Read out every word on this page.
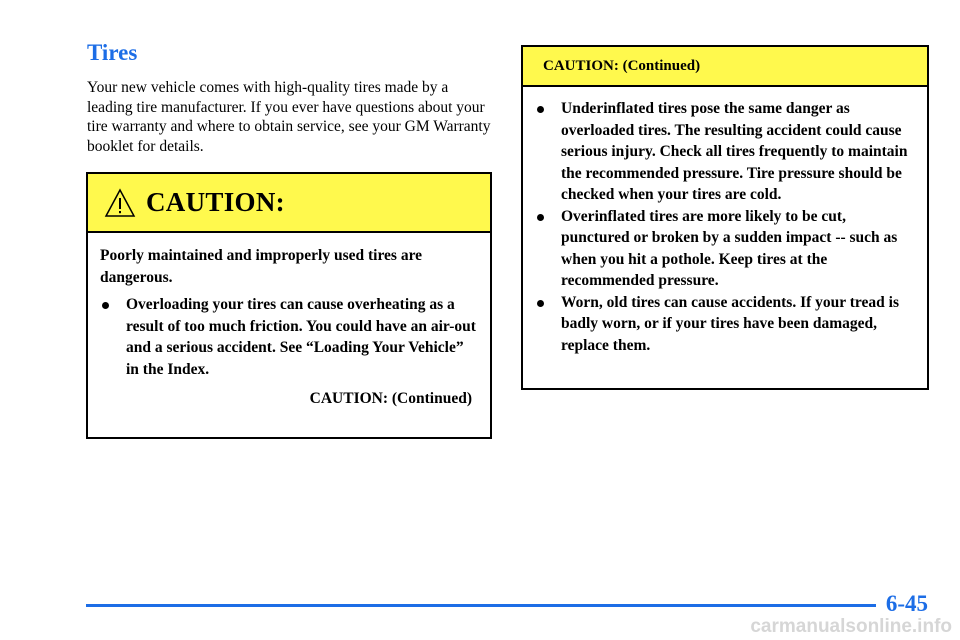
Tires

Your new vehicle comes with high-quality tires made by a leading tire manufacturer. If you ever have questions about your tire warranty and where to obtain service, see your GM Warranty booklet for details.

CAUTION:

Poorly maintained and improperly used tires are dangerous.

Overloading your tires can cause overheating as a result of too much friction. You could have an air-out and a serious accident. See “Loading Your Vehicle” in the Index.
CAUTION: (Continued)
CAUTION: (Continued)
Underinflated tires pose the same danger as overloaded tires. The resulting accident could cause serious injury. Check all tires frequently to maintain the recommended pressure. Tire pressure should be checked when your tires are cold.
Overinflated tires are more likely to be cut, punctured or broken by a sudden impact -- such as when you hit a pothole. Keep tires at the recommended pressure.
Worn, old tires can cause accidents. If your tread is badly worn, or if your tires have been damaged, replace them.
6-45
carmanualsonline.info
